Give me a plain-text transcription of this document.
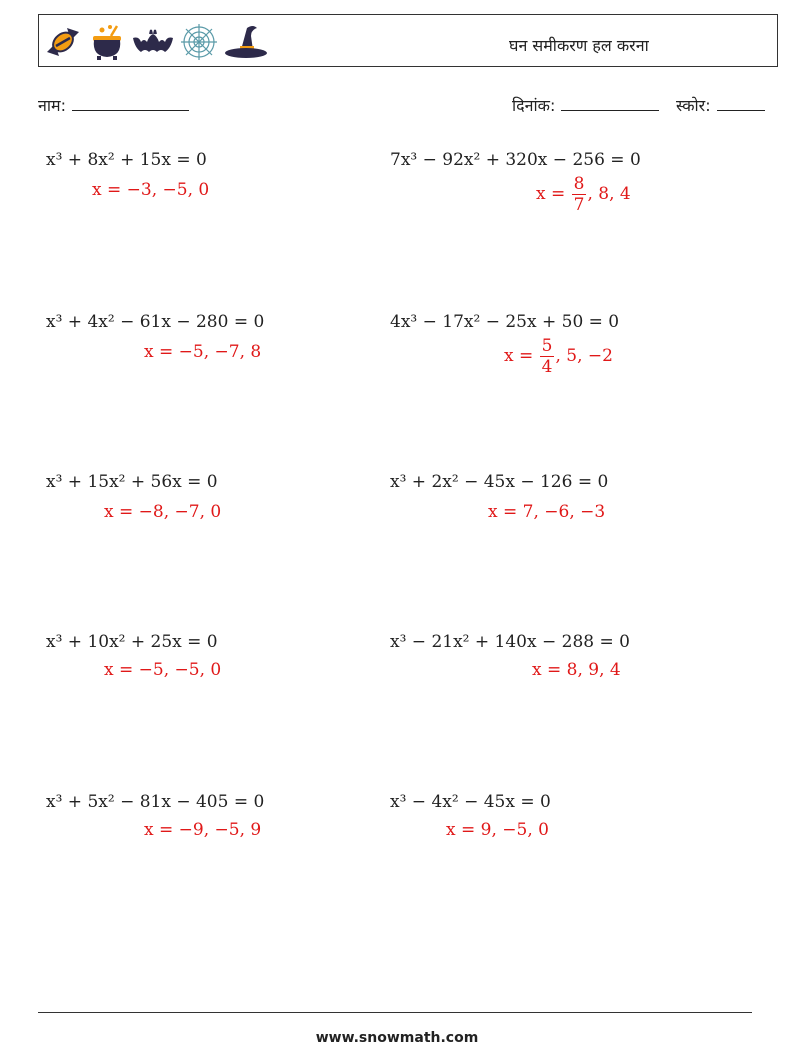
घन समीकरण हल करना
नाम:	दिनांक:	स्कोर:
x³ + 8x² + 15x = 0
x = −3, −5, 0
7x³ − 92x² + 320x − 256 = 0
$x = \frac{8}{7}$ , 8, 4
x³ + 4x² − 61x − 280 = 0
x = −5, −7, 8
4x³ − 17x² − 25x + 50 = 0
$x = \frac{5}{4}$ , 5, −2
x³ + 15x² + 56x = 0
x = −8, −7, 0
x³ + 2x² − 45x − 126 = 0
x = 7, −6, −3
x³ + 10x² + 25x = 0
x = −5, −5, 0
x³ − 21x² + 140x − 288 = 0
x = 8, 9, 4
x³ + 5x² − 81x − 405 = 0
x = −9, −5, 9
x³ − 4x² − 45x = 0
x = 9, −5, 0
www.snowmath.com
